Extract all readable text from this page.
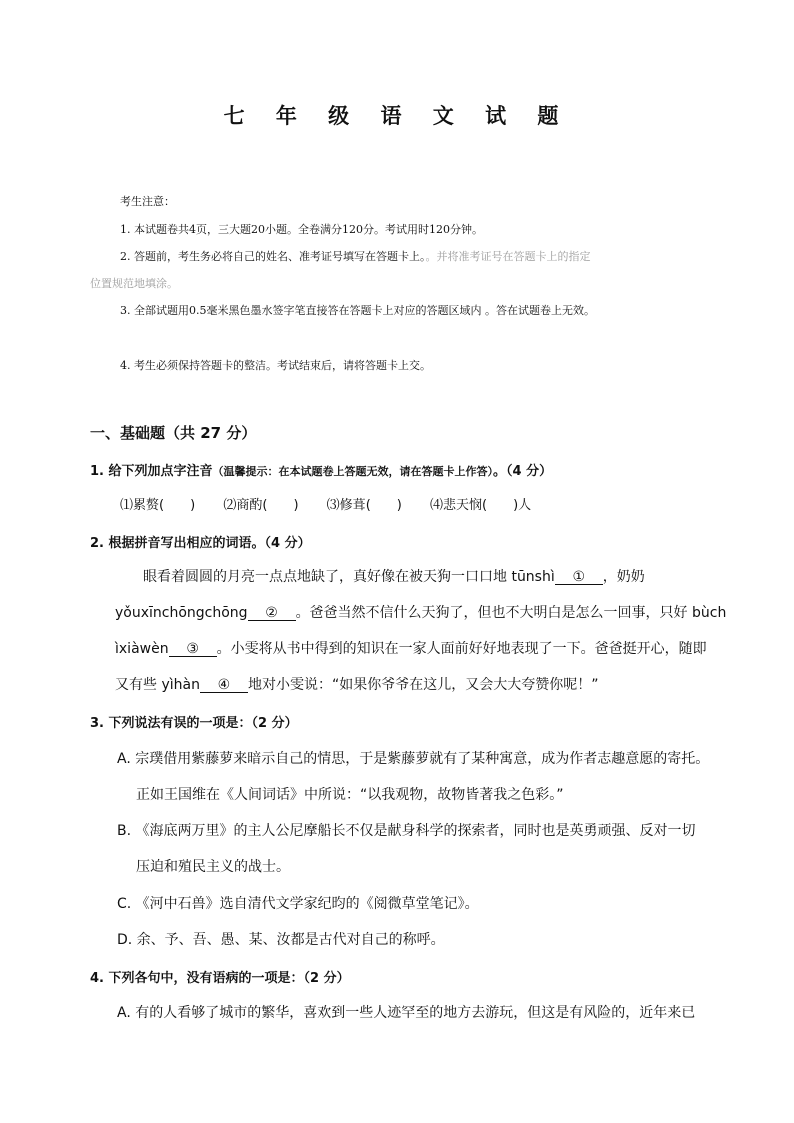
七 年 级 语 文 试 题
考生注意：
1. 本试题卷共4页，三大题20小题。全卷满分120分。考试用时120分钟。
2. 答题前，考生务必将自己的姓名、准考证号填写在答题卡上。。并将准考证号在答题卡上的指定
位置规范地填涂。
3. 全部试题用0.5毫米黑色墨水签字笔直接答在答题卡上对应的答题区域内 。答在试题卷上无效。
4. 考生必须保持答题卡的整洁。考试结束后，请将答题卡上交。
一、基础题（共 27 分）
1. 给下列加点字注音（温馨提示：在本试题卷上答题无效，请在答题卡上作答）。（4 分）
⑴累赘( ) ⑵商酌( ) ⑶修葺( ) ⑷悲天悯( )人
2. 根据拼音写出相应的词语。（4 分）
眼看着圆圆的月亮一点点地缺了，真好像在被天狗一口口地 tūnshì ① ，奶奶
yǒuxīnchōngchōng ② 。爸爸当然不信什么天狗了，但也不大明白是怎么一回事，只好 bùch
ìxiàwèn ③ 。小雯将从书中得到的知识在一家人面前好好地表现了一下。爸爸挺开心，随即
又有些 yìhàn ④ 地对小雯说：“如果你爷爷在这儿，又会大大夸赞你呢！”
3. 下列说法有误的一项是：（2 分）
A. 宗璞借用紫藤萝来暗示自己的情思，于是紫藤萝就有了某种寓意，成为作者志趣意愿的寄托。
正如王国维在《人间词话》中所说：“以我观物，故物皆著我之色彩。”
B. 《海底两万里》的主人公尼摩船长不仅是献身科学的探索者，同时也是英勇顽强、反对一切
压迫和殖民主义的战士。
C. 《河中石兽》选自清代文学家纪昀的《阅微草堂笔记》。
D. 余、予、吾、愚、某、汝都是古代对自己的称呼。
4. 下列各句中，没有语病的一项是：（2 分）
A. 有的人看够了城市的繁华，喜欢到一些人迹罕至的地方去游玩，但这是有风险的，近年来已
